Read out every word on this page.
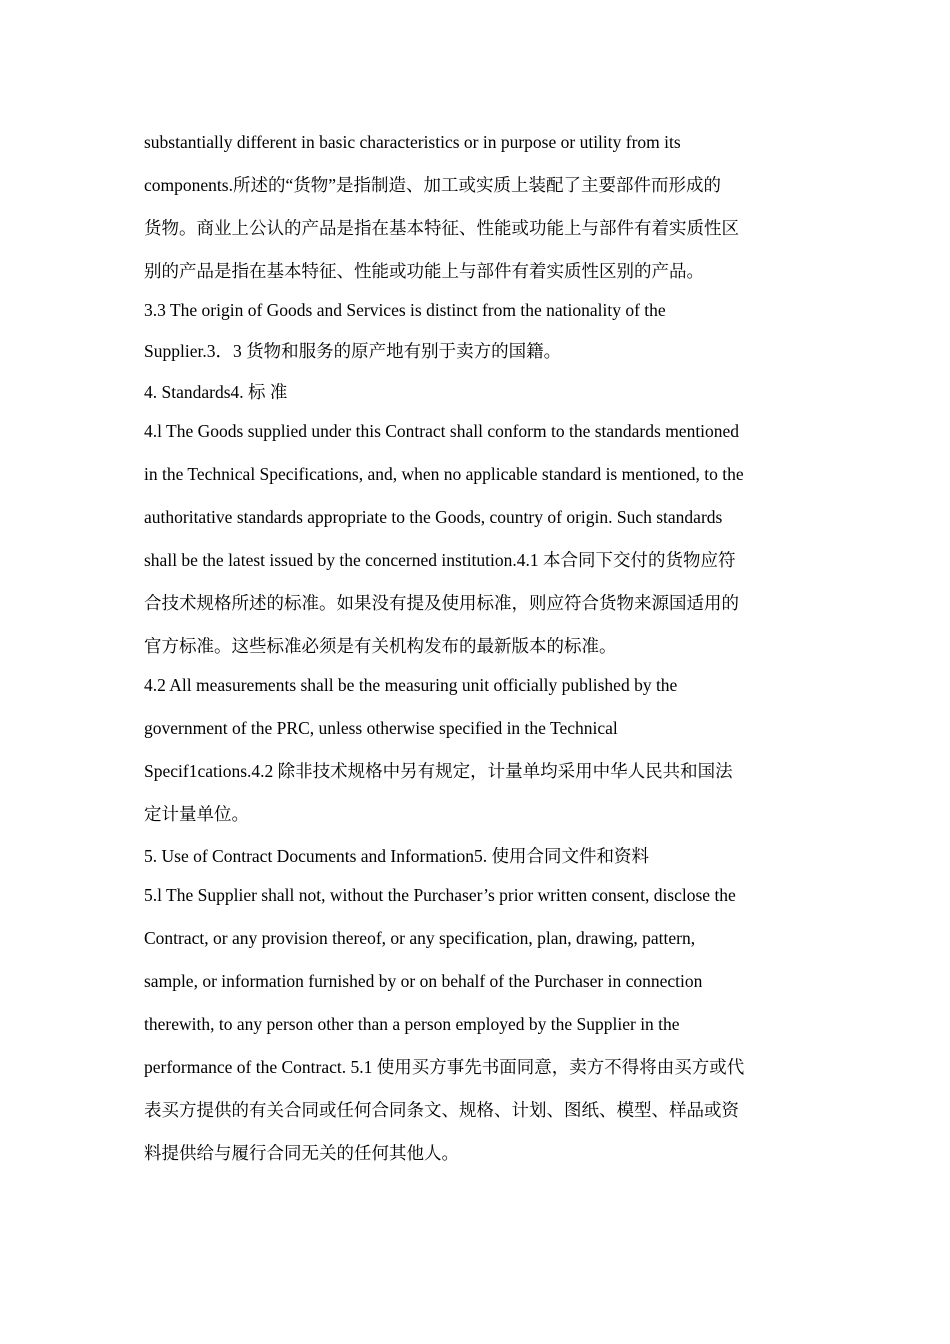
substantially different in basic characteristics or in purpose or utility from its
components.所述的“货物”是指制造、加工或实质上装配了主要部件而形成的
货物。商业上公认的产品是指在基本特征、性能或功能上与部件有着实质性区
别的产品是指在基本特征、性能或功能上与部件有着实质性区别的产品。
3.3 The origin of Goods and Services is distinct from the nationality of the
Supplier.3．3 货物和服务的原产地有别于卖方的国籍。
4. Standards4. 标 准
4.l The Goods supplied under this Contract shall conform to the standards mentioned
in the Technical Specifications, and, when no applicable standard is mentioned, to the
authoritative standards appropriate to the Goods, country of origin. Such standards
shall be the latest issued by the concerned institution.4.1 本合同下交付的货物应符
合技术规格所述的标准。如果没有提及使用标准，则应符合货物来源国适用的
官方标准。这些标准必须是有关机构发布的最新版本的标准。
4.2 All measurements shall be the measuring unit officially published by the
government of the PRC, unless otherwise specified in the Technical
Specif1cations.4.2 除非技术规格中另有规定，计量单均采用中华人民共和国法
定计量单位。
5. Use of Contract Documents and Information5. 使用合同文件和资料
5.l The Supplier shall not, without the Purchaser’s prior written consent, disclose the
Contract, or any provision thereof, or any specification, plan, drawing, pattern,
sample, or information furnished by or on behalf of the Purchaser in connection
therewith, to any person other than a person employed by the Supplier in the
performance of the Contract. 5.1 使用买方事先书面同意，卖方不得将由买方或代
表买方提供的有关合同或任何合同条文、规格、计划、图纸、模型、样品或资
料提供给与履行合同无关的任何其他人。
